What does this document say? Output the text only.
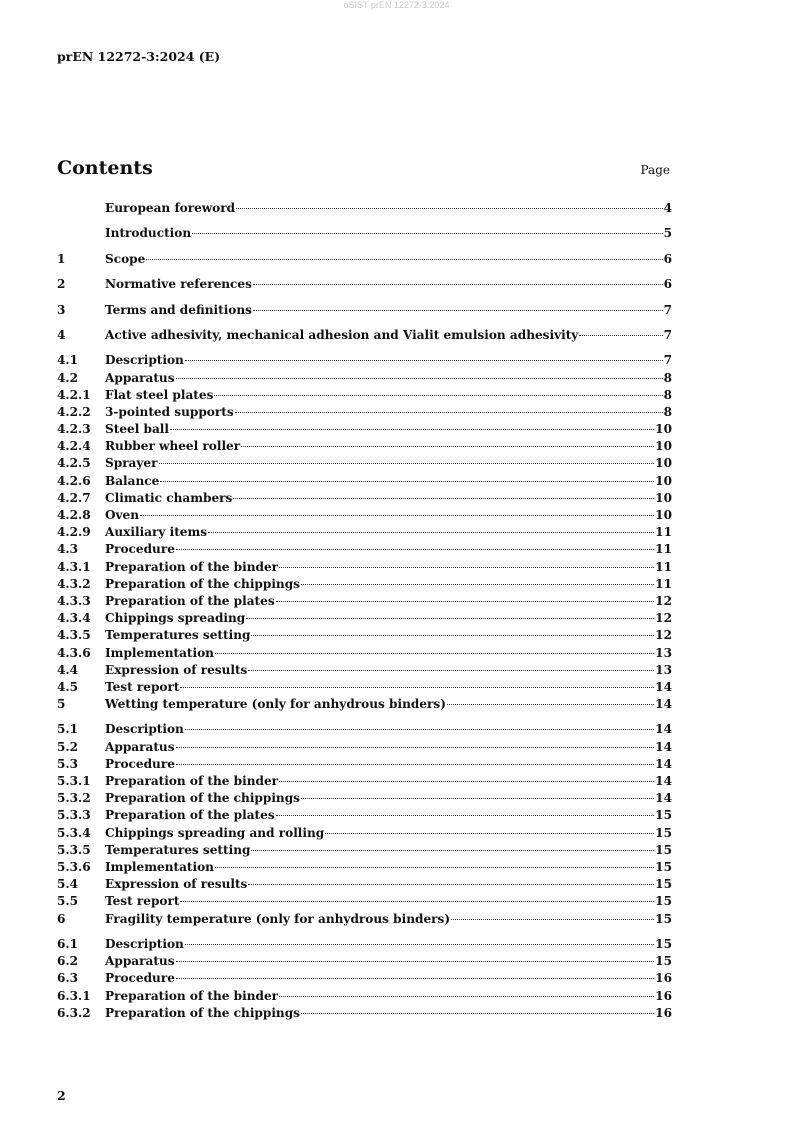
oSIST prEN 12272-3:2024
prEN 12272-3:2024 (E)
Contents	Page
European foreword	4
Introduction	5
1	Scope	6
2	Normative references	6
3	Terms and definitions	7
4	Active adhesivity, mechanical adhesion and Vialit emulsion adhesivity	7
4.1	Description	7
4.2	Apparatus	8
4.2.1	Flat steel plates	8
4.2.2	3-pointed supports	8
4.2.3	Steel ball	10
4.2.4	Rubber wheel roller	10
4.2.5	Sprayer	10
4.2.6	Balance	10
4.2.7	Climatic chambers	10
4.2.8	Oven	10
4.2.9	Auxiliary items	11
4.3	Procedure	11
4.3.1	Preparation of the binder	11
4.3.2	Preparation of the chippings	11
4.3.3	Preparation of the plates	12
4.3.4	Chippings spreading	12
4.3.5	Temperatures setting	12
4.3.6	Implementation	13
4.4	Expression of results	13
4.5	Test report	14
5	Wetting temperature (only for anhydrous binders)	14
5.1	Description	14
5.2	Apparatus	14
5.3	Procedure	14
5.3.1	Preparation of the binder	14
5.3.2	Preparation of the chippings	14
5.3.3	Preparation of the plates	15
5.3.4	Chippings spreading and rolling	15
5.3.5	Temperatures setting	15
5.3.6	Implementation	15
5.4	Expression of results	15
5.5	Test report	15
6	Fragility temperature (only for anhydrous binders)	15
6.1	Description	15
6.2	Apparatus	15
6.3	Procedure	16
6.3.1	Preparation of the binder	16
6.3.2	Preparation of the chippings	16
2
